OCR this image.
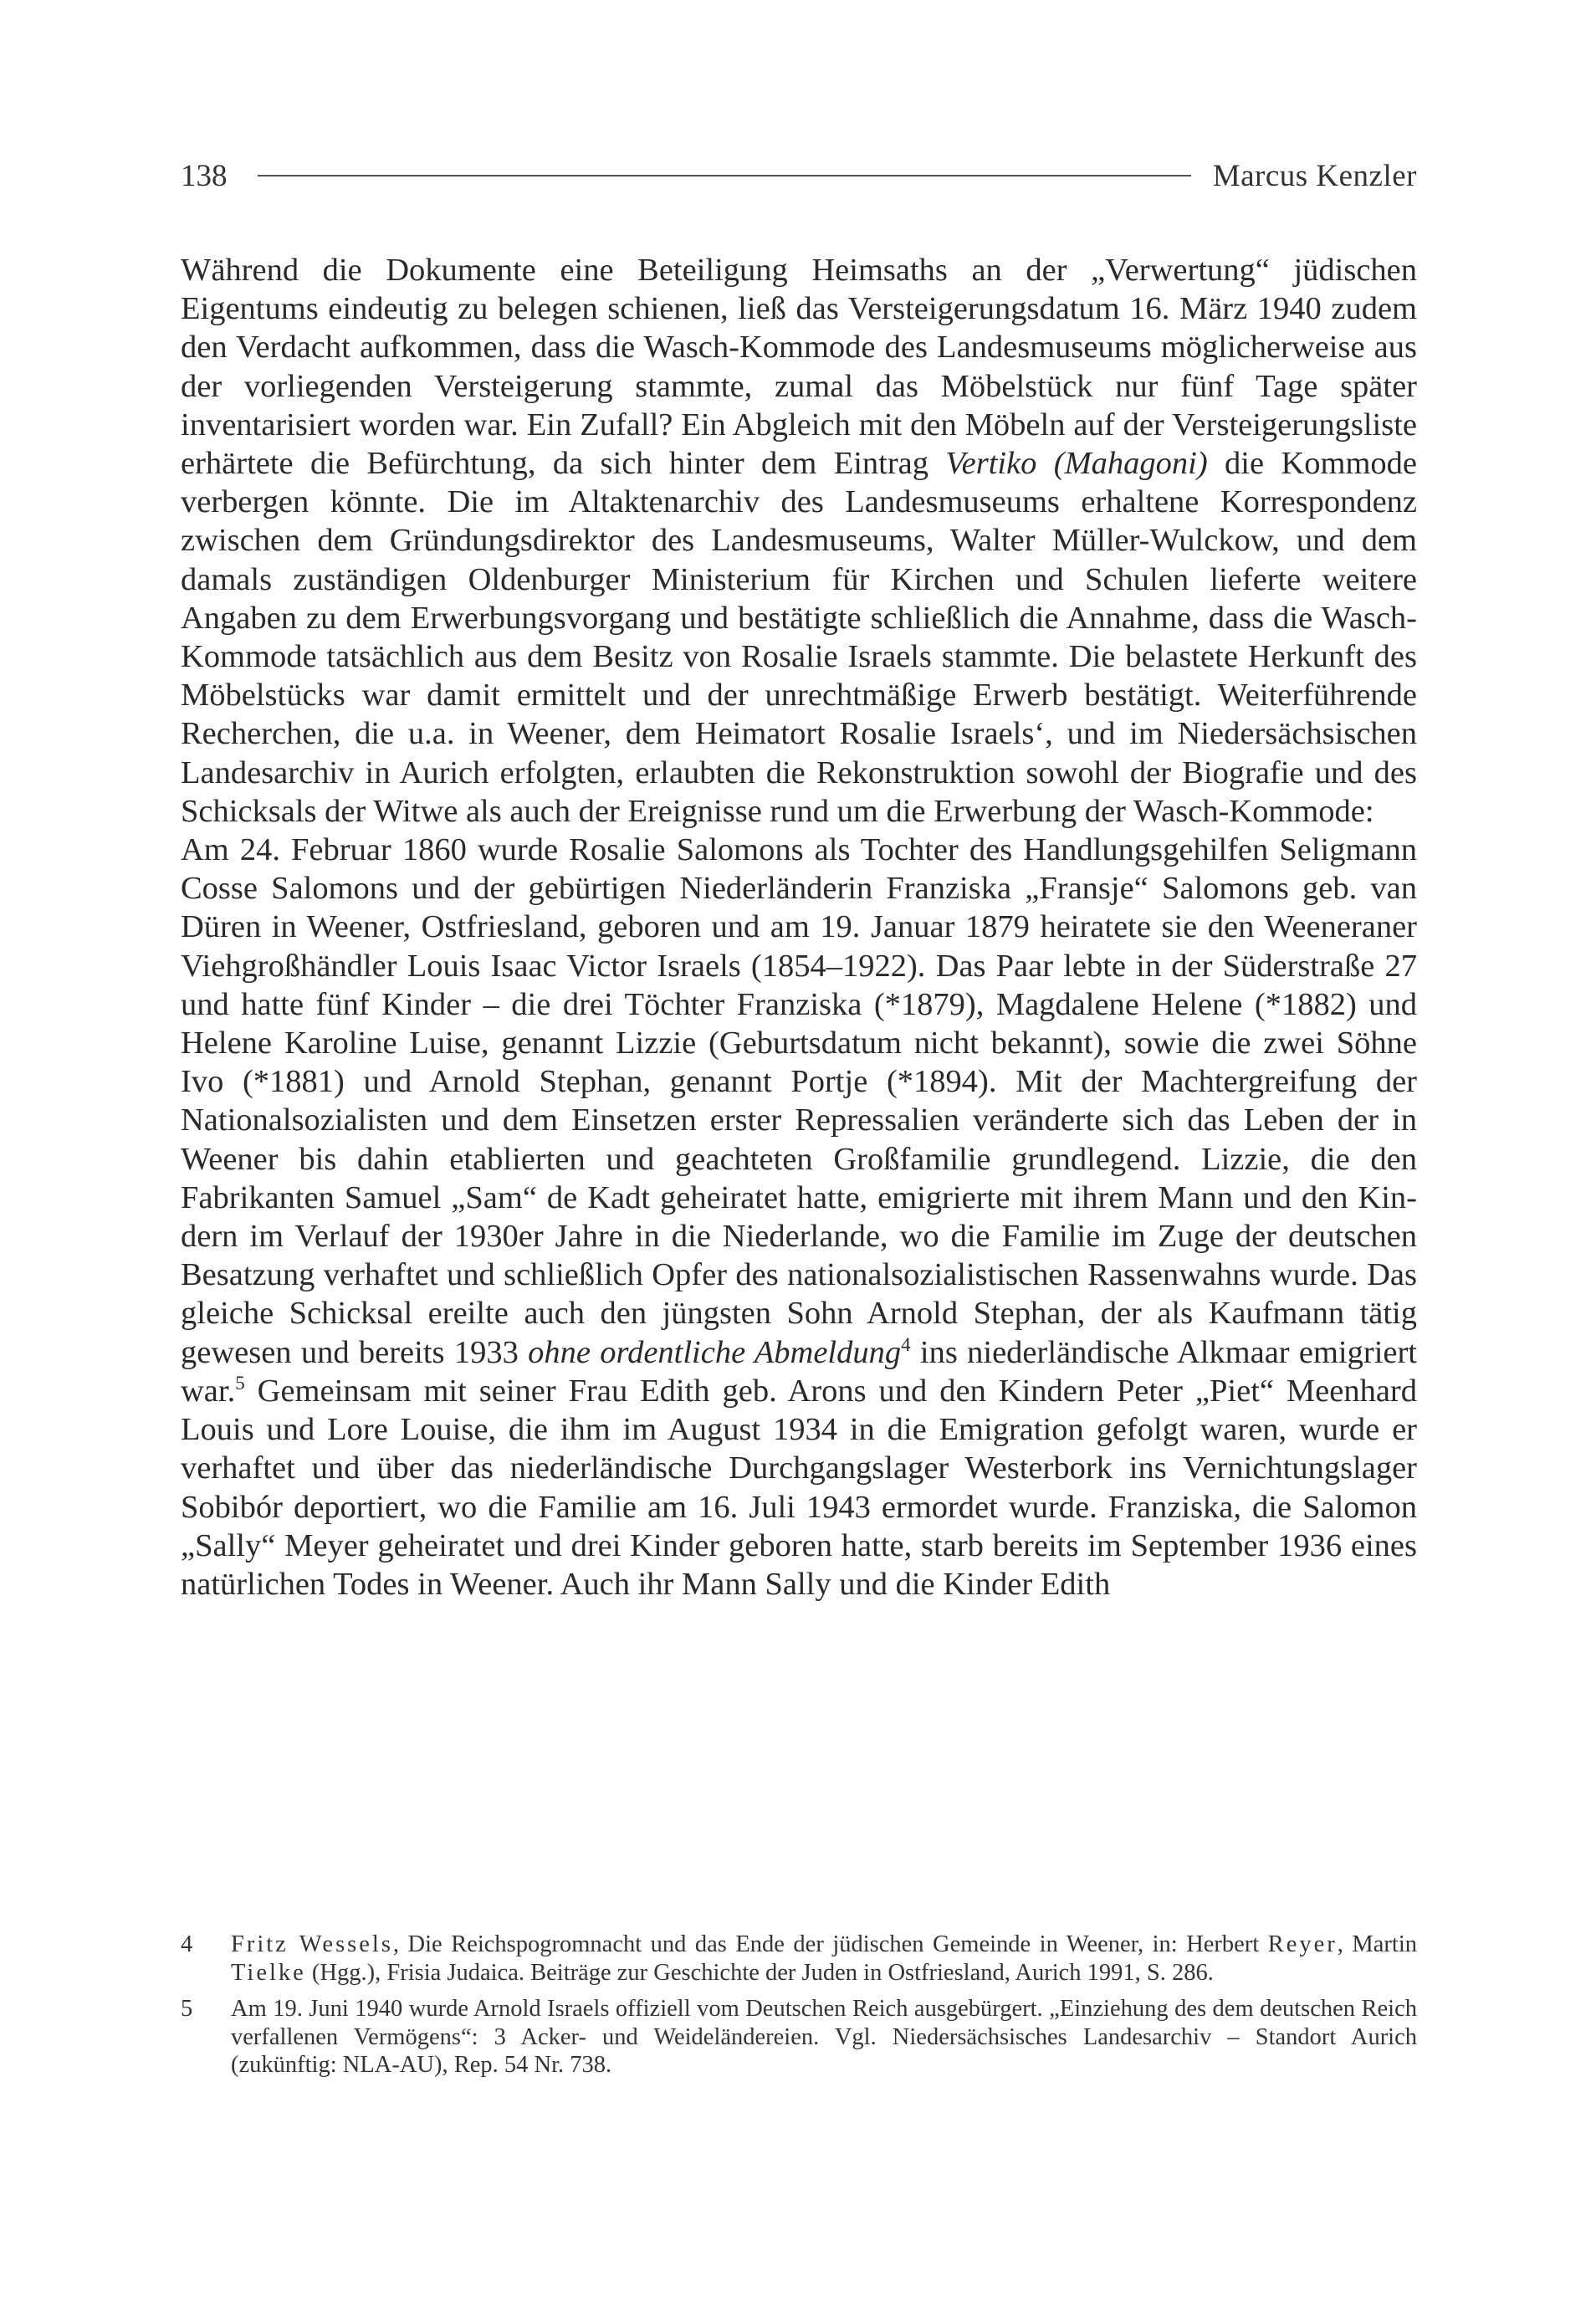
138	Marcus Kenzler

Während die Dokumente eine Beteiligung Heimsaths an der „Verwertung“ jüdischen Eigentums eindeutig zu belegen schienen, ließ das Versteigerungsdatum 16. März 1940 zudem den Verdacht aufkommen, dass die Wasch-Kommode des Landesmuseums möglicherweise aus der vorliegenden Versteigerung stammte, zumal das Möbelstück nur fünf Tage später inventarisiert worden war. Ein Zufall? Ein Abgleich mit den Möbeln auf der Versteigerungsliste erhärtete die Befürchtung, da sich hinter dem Eintrag Vertiko (Mahagoni) die Kommode verbergen könnte. Die im Altaktenarchiv des Landesmuseums erhaltene Korrespondenz zwischen dem Gründungsdirektor des Landesmuseums, Walter Müller-Wulckow, und dem damals zuständigen Oldenburger Ministerium für Kirchen und Schulen lieferte weitere Angaben zu dem Erwerbungsvorgang und bestätigte schließlich die Annahme, dass die Wasch-Kommode tatsächlich aus dem Besitz von Rosalie Israels stammte. Die belastete Herkunft des Möbelstücks war damit ermittelt und der unrechtmäßige Erwerb bestätigt. Weiterführende Recherchen, die u.a. in Weener, dem Heimatort Rosalie Israels‘, und im Niedersächsischen Landesarchiv in Aurich erfolgten, erlaubten die Rekonstruktion sowohl der Biografie und des Schicksals der Witwe als auch der Ereignisse rund um die Erwerbung der Wasch-Kommode:

Am 24. Februar 1860 wurde Rosalie Salomons als Tochter des Handlungsgehilfen Seligmann Cosse Salomons und der gebürtigen Niederländerin Franziska „Fransje“ Salomons geb. van Düren in Weener, Ostfriesland, geboren und am 19. Januar 1879 heiratete sie den Weeneraner Viehgroßhändler Louis Isaac Victor Israels (1854–1922). Das Paar lebte in der Süderstraße 27 und hatte fünf Kinder – die drei Töchter Franziska (*1879), Magdalene Helene (*1882) und Helene Karoline Luise, genannt Lizzie (Geburtsdatum nicht bekannt), sowie die zwei Söhne Ivo (*1881) und Arnold Stephan, genannt Portje (*1894). Mit der Machtergreifung der Nationalsozialisten und dem Einsetzen erster Repressalien veränderte sich das Leben der in Weener bis dahin etablierten und geachteten Großfamilie grundlegend. Lizzie, die den Fabrikanten Samuel „Sam“ de Kadt geheiratet hatte, emigrierte mit ihrem Mann und den Kindern im Verlauf der 1930er Jahre in die Niederlande, wo die Familie im Zuge der deutschen Besatzung verhaftet und schließlich Opfer des nationalsozialistischen Rassenwahns wurde. Das gleiche Schicksal ereilte auch den jüngsten Sohn Arnold Stephan, der als Kaufmann tätig gewesen und bereits 1933 ohne ordentliche Abmeldung$^4$ ins niederländische Alkmaar emigriert war.$^5$ Gemeinsam mit seiner Frau Edith geb. Arons und den Kindern Peter „Piet“ Meenhard Louis und Lore Louise, die ihm im August 1934 in die Emigration gefolgt waren, wurde er verhaftet und über das niederländische Durchgangslager Westerbork ins Vernichtungslager Sobibór deportiert, wo die Familie am 16. Juli 1943 ermordet wurde. Franziska, die Salomon „Sally“ Meyer geheiratet und drei Kinder geboren hatte, starb bereits im September 1936 eines natürlichen Todes in Weener. Auch ihr Mann Sally und die Kinder Edith

4	Fritz Wessels, Die Reichspogromnacht und das Ende der jüdischen Gemeinde in Weener, in: Herbert Reyer, Martin Tielke (Hgg.), Frisia Judaica. Beiträge zur Geschichte der Juden in Ostfriesland, Aurich 1991, S. 286.
5	Am 19. Juni 1940 wurde Arnold Israels offiziell vom Deutschen Reich ausgebürgert. „Einziehung des dem deutschen Reich verfallenen Vermögens“: 3 Acker- und Weideländereien. Vgl. Niedersächsisches Landesarchiv – Standort Aurich (zukünftig: NLA-AU), Rep. 54 Nr. 738.
